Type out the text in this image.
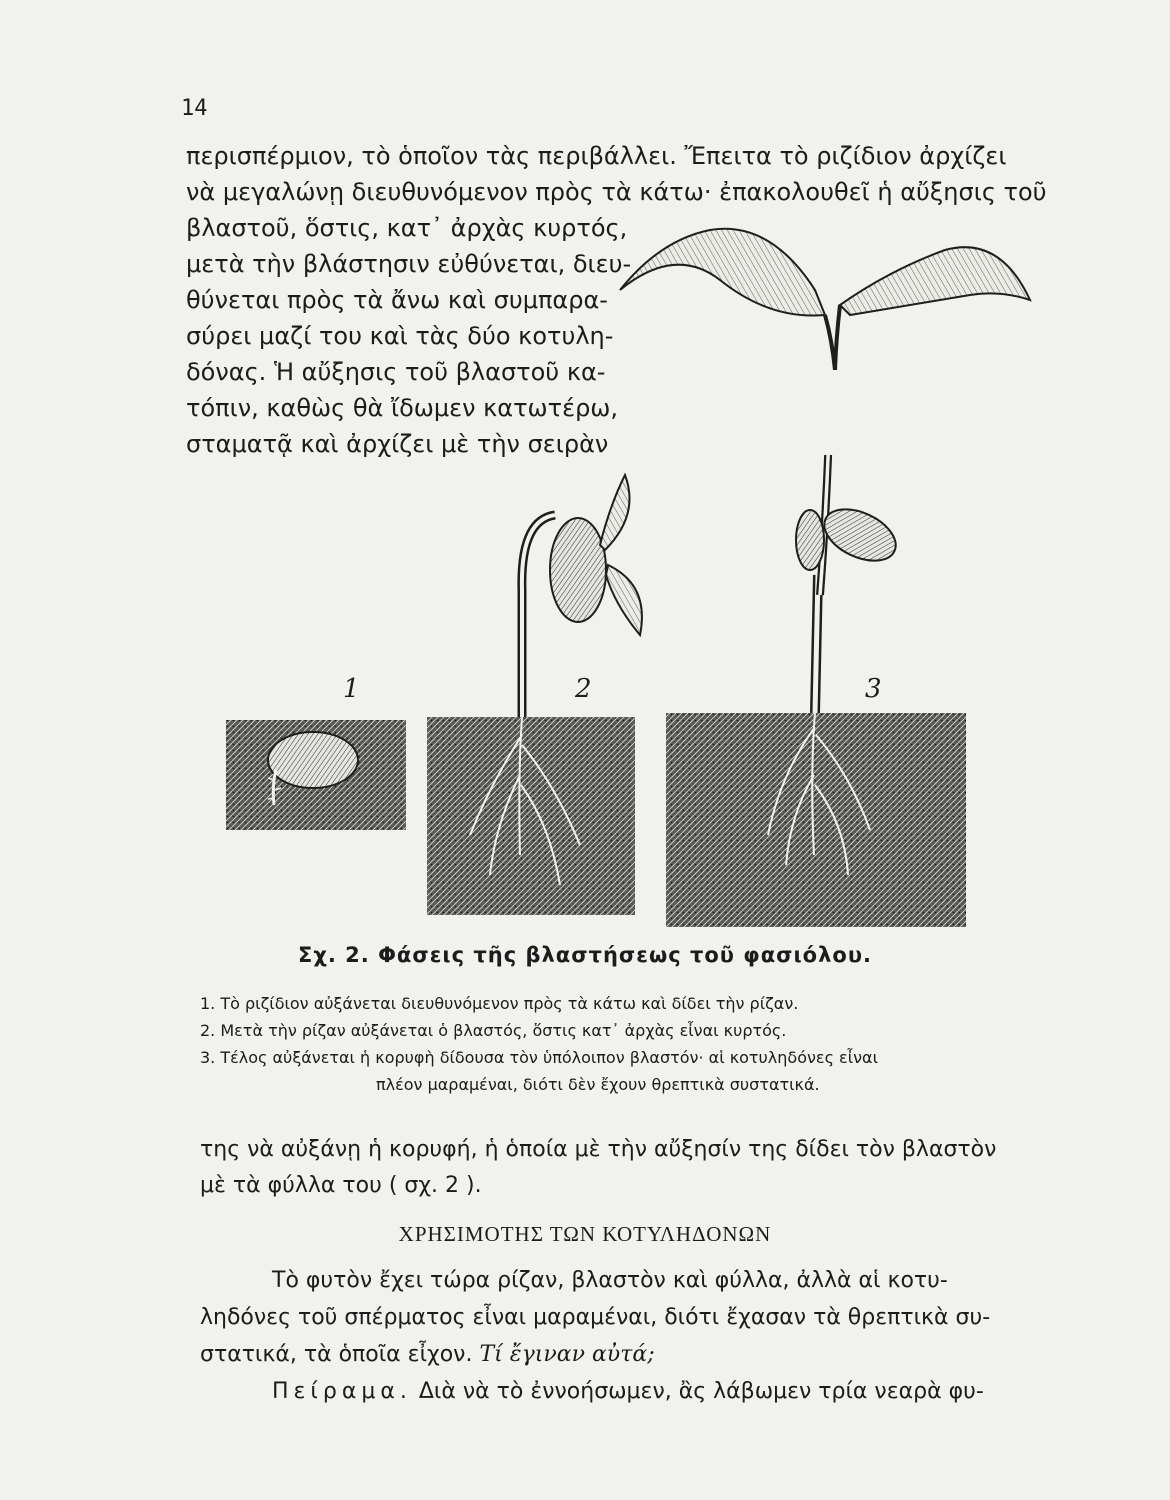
14
περισπέρμιον, τὸ ὁποῖον τὰς περιβάλλει. Ἔπειτα τὸ ριζίδιον ἀρχίζει
νὰ μεγαλώνῃ διευθυνόμενον πρὸς τὰ κάτω· ἐπακολουθεῖ ἡ αὔξησις τοῦ
βλαστοῦ, ὅστις, κατ᾽ ἀρχὰς κυρτός,
μετὰ τὴν βλάστησιν εὐθύνεται, διευ-
θύνεται πρὸς τὰ ἄνω καὶ συμπαρα-
σύρει μαζί του καὶ τὰς δύο κοτυλη-
δόνας. Ἡ αὔξησις τοῦ βλαστοῦ κα-
τόπιν, καθὼς θὰ ἴδωμεν κατωτέρω,
σταματᾷ καὶ ἀρχίζει μὲ τὴν σειρὰν
1	2	3
Σχ. 2. Φάσεις τῆς βλαστήσεως τοῦ φασιόλου.
1. Τὸ ριζίδιον αὐξάνεται διευθυνόμενον πρὸς τὰ κάτω καὶ δίδει τὴν ρίζαν.
2. Μετὰ τὴν ρίζαν αὐξάνεται ὁ βλαστός, ὅστις κατ᾽ ἀρχὰς εἶναι κυρτός.
3. Τέλος αὐξάνεται ἡ κορυφὴ δίδουσα τὸν ὑπόλοιπον βλαστόν· αἱ κοτυληδόνες εἶναι
πλέον μαραμέναι, διότι δὲν ἔχουν θρεπτικὰ συστατικά.
της νὰ αὐξάνῃ ἡ κορυφή, ἡ ὁποία μὲ τὴν αὔξησίν της δίδει τὸν βλαστὸν
μὲ τὰ φύλλα του ( σχ. 2 ).
ΧΡΗΣΙΜΟΤΗΣ ΤΩΝ ΚΟΤΥΛΗΔΟΝΩΝ
Τὸ φυτὸν ἔχει τώρα ρίζαν, βλαστὸν καὶ φύλλα, ἀλλὰ αἱ κοτυ-
ληδόνες τοῦ σπέρματος εἶναι μαραμέναι, διότι ἔχασαν τὰ θρεπτικὰ συ-
στατικά, τὰ ὁποῖα εἶχον. Τί ἔγιναν αὐτά;
Πείραμα. Διὰ νὰ τὸ ἐννοήσωμεν, ἂς λάβωμεν τρία νεαρὰ φυ-
